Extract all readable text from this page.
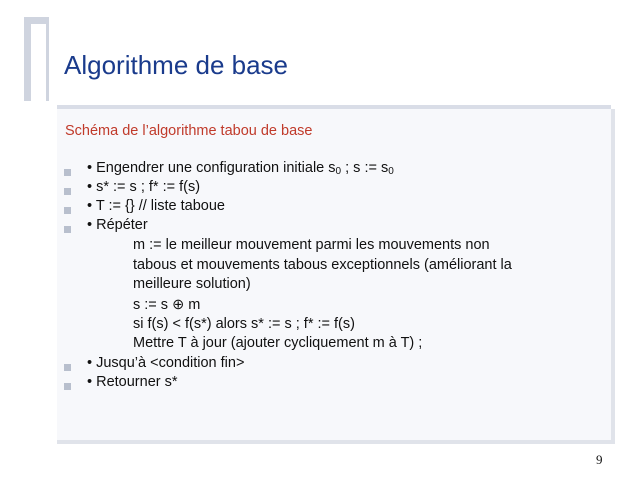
Algorithme de base
Schéma de l’algorithme tabou de base
• Engendrer une configuration initiale $s_0$ ; s := $s_0$
• s* := s ; f* := f(s)
• T := {} // liste taboue
• Répéter
m := le meilleur mouvement parmi les mouvements non
tabous et mouvements tabous exceptionnels (améliorant la
meilleure solution)
s := s ⊕ m
si f(s) < f(s*) alors s* := s ; f* := f(s)
Mettre T à jour (ajouter cycliquement m à T) ;
• Jusqu’à <condition fin>
• Retourner s*
9
